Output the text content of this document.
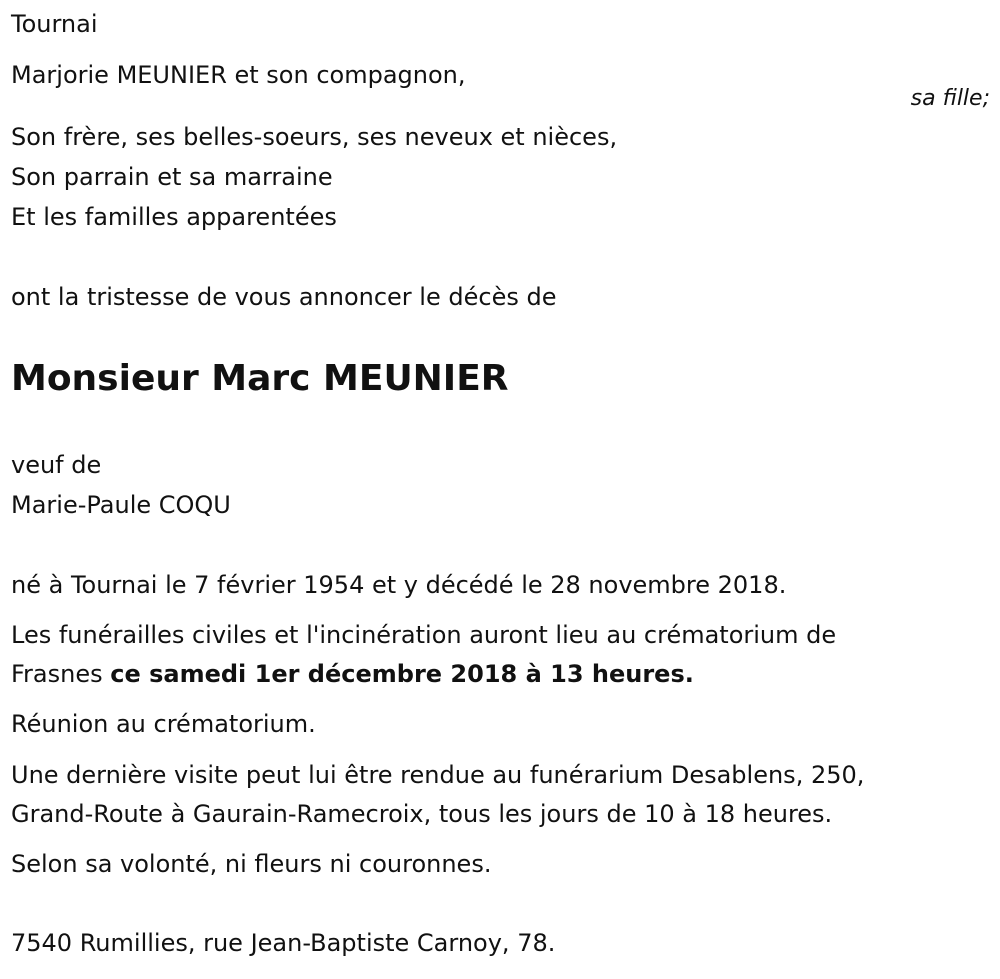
Tournai
Marjorie MEUNIER et son compagnon,
sa fille;
Son frère, ses belles-soeurs, ses neveux et nièces,
Son parrain et sa marraine
Et les familles apparentées
ont la tristesse de vous annoncer le décès de
Monsieur Marc MEUNIER
veuf de
Marie-Paule COQU
né à Tournai le 7 février 1954 et y décédé le 28 novembre 2018.
Les funérailles civiles et l'incinération auront lieu au crématorium de
Frasnes ce samedi 1er décembre 2018 à 13 heures.
Réunion au crématorium.
Une dernière visite peut lui être rendue au funérarium Desablens, 250,
Grand-Route à Gaurain-Ramecroix, tous les jours de 10 à 18 heures.
Selon sa volonté, ni fleurs ni couronnes.
7540 Rumillies, rue Jean-Baptiste Carnoy, 78.
